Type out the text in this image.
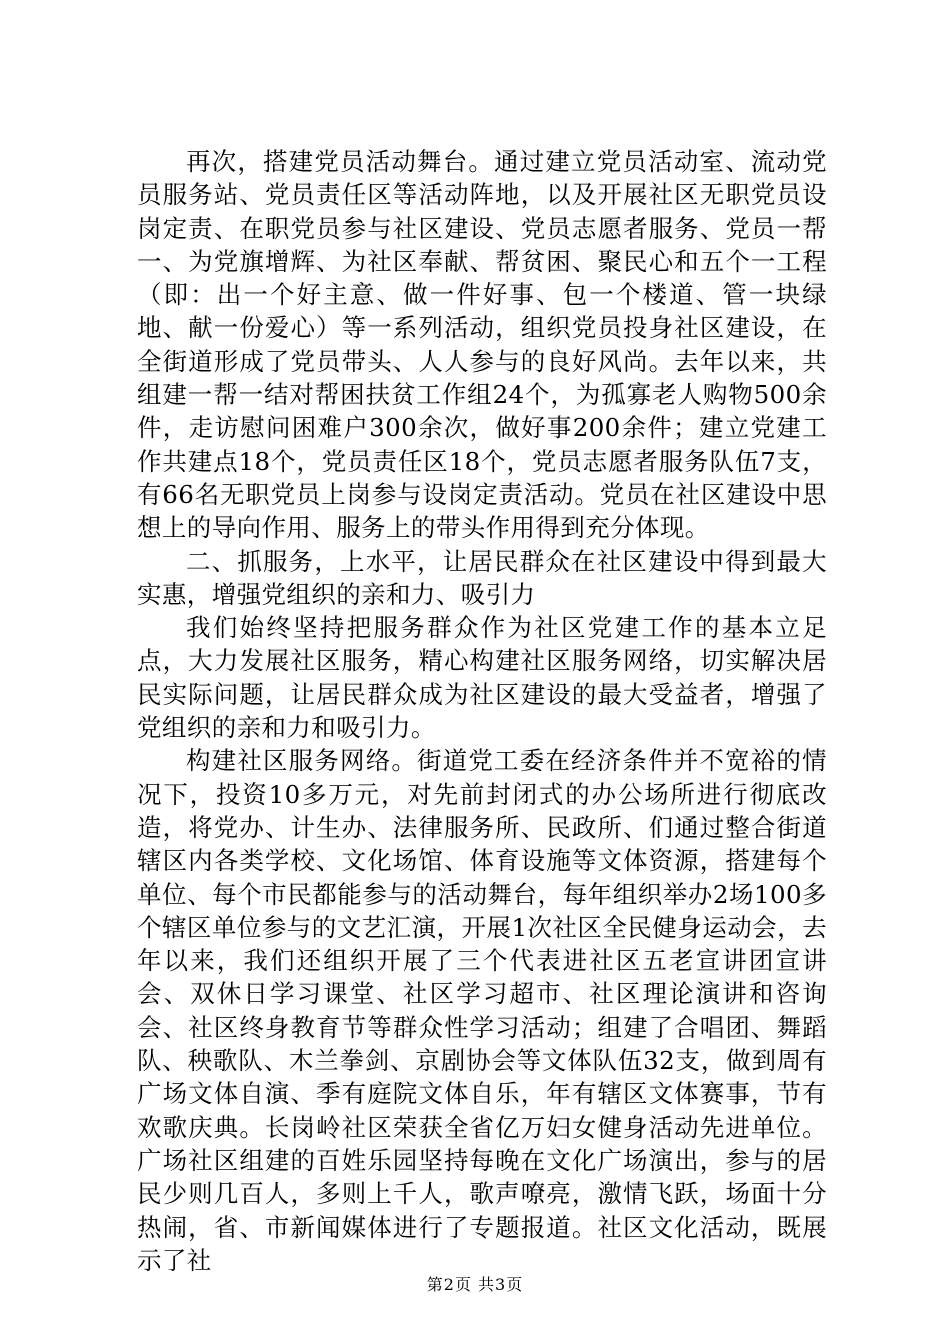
再次，搭建党员活动舞台。通过建立党员活动室、流动党员服务站、党员责任区等活动阵地，以及开展社区无职党员设岗定责、在职党员参与社区建设、党员志愿者服务、党员一帮一、为党旗增辉、为社区奉献、帮贫困、聚民心和五个一工程（即：出一个好主意、做一件好事、包一个楼道、管一块绿地、献一份爱心）等一系列活动，组织党员投身社区建设，在全街道形成了党员带头、人人参与的良好风尚。去年以来，共组建一帮一结对帮困扶贫工作组24个，为孤寡老人购物500余件，走访慰问困难户300余次，做好事200余件；建立党建工作共建点18个，党员责任区18个，党员志愿者服务队伍7支，有66名无职党员上岗参与设岗定责活动。党员在社区建设中思想上的导向作用、服务上的带头作用得到充分体现。

二、抓服务，上水平，让居民群众在社区建设中得到最大实惠，增强党组织的亲和力、吸引力

我们始终坚持把服务群众作为社区党建工作的基本立足点，大力发展社区服务，精心构建社区服务网络，切实解决居民实际问题，让居民群众成为社区建设的最大受益者，增强了党组织的亲和力和吸引力。

构建社区服务网络。街道党工委在经济条件并不宽裕的情况下，投资10多万元，对先前封闭式的办公场所进行彻底改造，将党办、计生办、法律服务所、民政所、们通过整合街道辖区内各类学校、文化场馆、体育设施等文体资源，搭建每个单位、每个市民都能参与的活动舞台，每年组织举办2场100多个辖区单位参与的文艺汇演，开展1次社区全民健身运动会，去年以来，我们还组织开展了三个代表进社区五老宣讲团宣讲会、双休日学习课堂、社区学习超市、社区理论演讲和咨询会、社区终身教育节等群众性学习活动；组建了合唱团、舞蹈队、秧歌队、木兰拳剑、京剧协会等文体队伍32支，做到周有广场文体自演、季有庭院文体自乐，年有辖区文体赛事，节有欢歌庆典。长岗岭社区荣获全省亿万妇女健身活动先进单位。广场社区组建的百姓乐园坚持每晚在文化广场演出，参与的居民少则几百人，多则上千人，歌声嘹亮，激情飞跃，场面十分热闹，省、市新闻媒体进行了专题报道。社区文化活动，既展示了社

第2页 共3页
